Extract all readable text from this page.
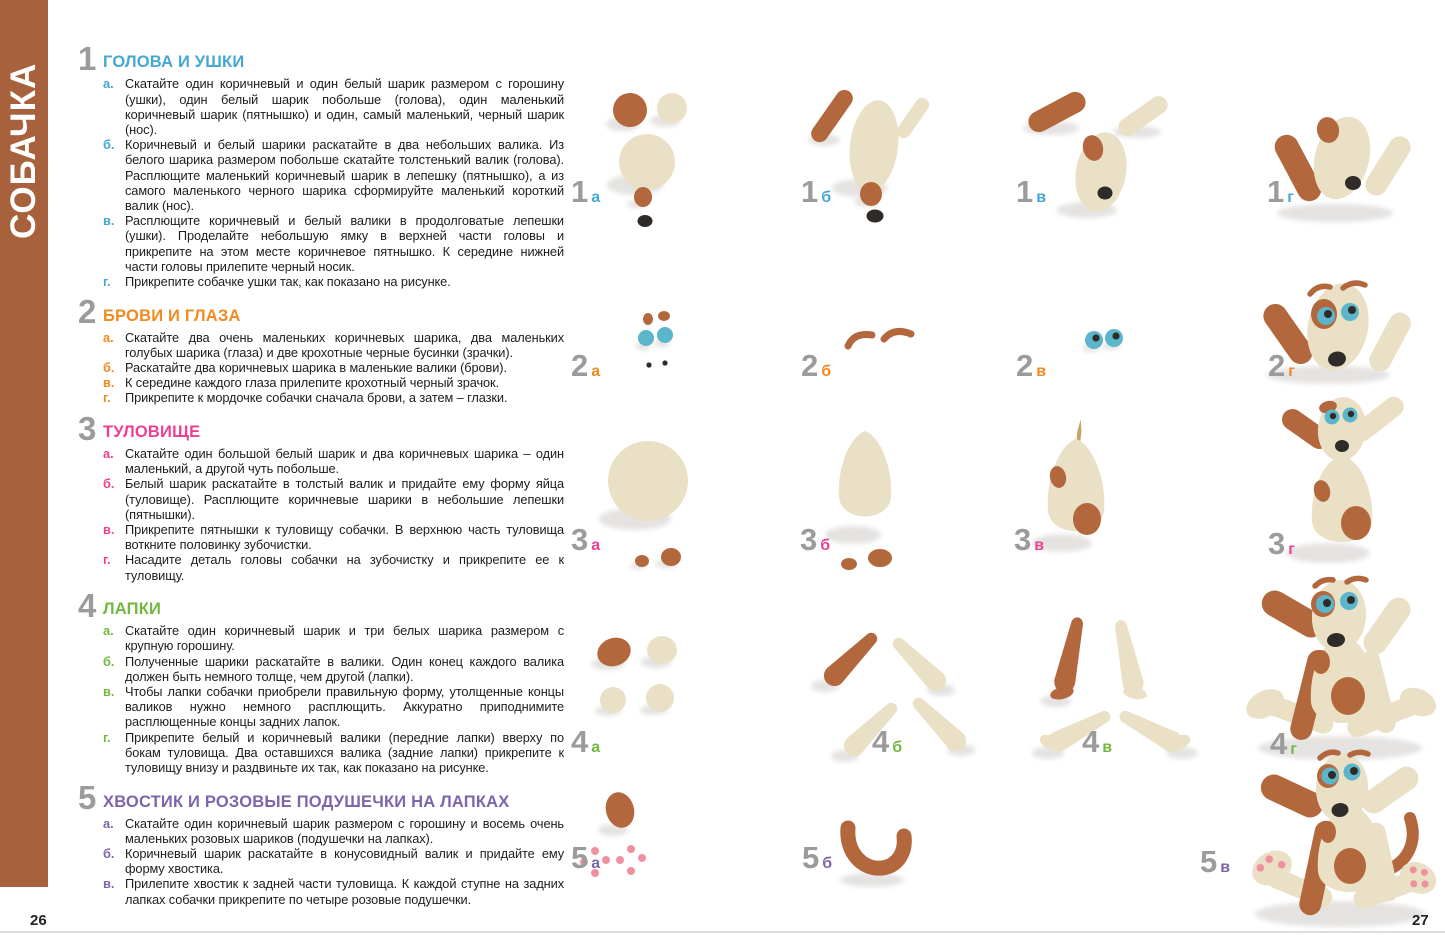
СОБАЧКА
1 ГОЛОВА И УШКИ
а. Скатайте один коричневый и один белый шарик размером с горошину (ушки), один белый шарик побольше (голова), один маленький коричневый шарик (пятнышко) и один, самый маленький, черный шарик (нос).

б. Коричневый и белый шарики раскатайте в два небольших валика. Из белого шарика размером побольше скатайте толстенький валик (голова). Расплющите маленький коричневый шарик в лепешку (пятнышко), а из самого маленького черного шарика сформируйте маленький короткий валик (нос).

в. Расплющите коричневый и белый валики в продолговатые лепешки (ушки). Проделайте небольшую ямку в верхней части головы и прикрепите на этом месте коричневое пятнышко. К середине нижней части головы прилепите черный носик.

г.	Прикрепите собачке ушки так, как показано на рисунке.

2 БРОВИ И ГЛАЗА
а. Скатайте два очень маленьких коричневых шарика, два маленьких голубых шарика (глаза) и две крохотные черные бусинки (зрачки).

б. Раскатайте два коричневых шарика в маленькие валики (брови).

в. К середине каждого глаза прилепите крохотный черный зрачок.

г.	Прикрепите к мордочке собачки сначала брови, а затем – глазки.

3 ТУЛОВИЩЕ
а. Скатайте один большой белый шарик и два коричневых шарика – один маленький, а другой чуть побольше.

б. Белый шарик раскатайте в толстый валик и придайте ему форму яйца (туловище). Расплющите коричневые шарики в небольшие лепешки (пятнышки).

в. Прикрепите пятнышки к туловищу собачки. В верхнюю часть туловища воткните половинку зубочистки.

г.	Насадите деталь головы собачки на зубочистку и прикрепите ее к туловищу.

4 ЛАПКИ
а. Скатайте один коричневый шарик и три белых шарика размером с крупную горошину.

б. Полученные шарики раскатайте в валики. Один конец каждого валика должен быть немного толще, чем другой (лапки).

в. Чтобы лапки собачки приобрели правильную форму, утолщенные концы валиков нужно немного расплющить. Аккуратно приподнимите расплющенные концы задних лапок.

г.	Прикрепите белый и коричневый валики (передние лапки) вверху по бокам туловища. Два оставшихся валика (задние лапки) прикрепите к туловищу внизу и раздвиньте их так, как показано на рисунке.

5 ХВОСТИК И РОЗОВЫЕ ПОДУШЕЧКИ НА ЛАПКАХ
а. Скатайте один коричневый шарик размером с горошину и восемь очень маленьких розовых шариков (подушечки на лапках).

б. Коричневый шарик раскатайте в конусовидный валик и придайте ему форму хвостика.

в. Прилепите хвостик к задней части туловища. К каждой ступне на задних лапках собачки прикрепите по четыре розовые подушечки.

1 а	1 б	1 в	1 г
2 а	2 б	2 в	2 г
3 а	3 б	3 в	3 г
4 а	4 б	4 в	4 г
5 а	5 б	5 в
26	27
